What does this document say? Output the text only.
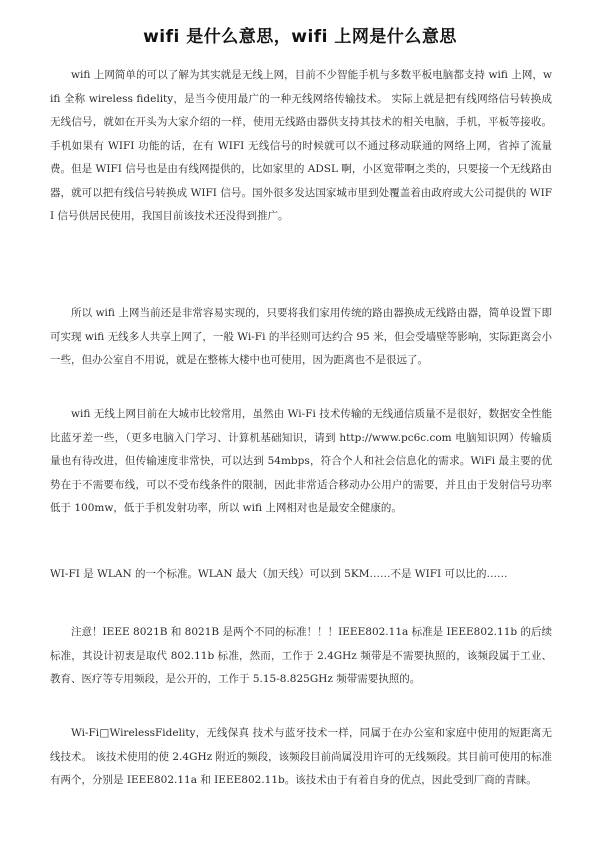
wifi 是什么意思，wifi 上网是什么意思

wifi 上网简单的可以了解为其实就是无线上网，目前不少智能手机与多数平板电脑都支持 wifi 上网，wifi 全称 wireless fidelity，是当今使用最广的一种无线网络传输技术。 实际上就是把有线网络信号转换成无线信号，就如在开头为大家介绍的一样，使用无线路由器供支持其技术的相关电脑，手机，平板等接收。手机如果有 WIFI 功能的话，在有 WIFI 无线信号的时候就可以不通过移动联通的网络上网，省掉了流量费。但是 WIFI 信号也是由有线网提供的，比如家里的 ADSL 啊，小区宽带啊之类的，只要接一个无线路由器，就可以把有线信号转换成 WIFI 信号。国外很多发达国家城市里到处覆盖着由政府或大公司提供的 WIFI 信号供居民使用，我国目前该技术还没得到推广。

所以 wifi 上网当前还是非常容易实现的，只要将我们家用传统的路由器换成无线路由器，简单设置下即可实现 wifi 无线多人共享上网了，一般 Wi-Fi 的半径则可达约合 95 米，但会受墙壁等影响，实际距离会小一些，但办公室自不用说，就是在整栋大楼中也可使用，因为距离也不是很远了。

wifi 无线上网目前在大城市比较常用，虽然由 Wi-Fi 技术传输的无线通信质量不是很好，数据安全性能比蓝牙差一些，（更多电脑入门学习、计算机基础知识，请到 http://www.pc6c.com 电脑知识网）传输质量也有待改进，但传输速度非常快，可以达到 54mbps，符合个人和社会信息化的需求。WiFi 最主要的优势在于不需要布线，可以不受布线条件的限制，因此非常适合移动办公用户的需要，并且由于发射信号功率低于 100mw，低于手机发射功率，所以 wifi 上网相对也是最安全健康的。

WI-FI 是 WLAN 的一个标准。WLAN 最大（加天线）可以到 5KM……不是 WIFI 可以比的……

注意！IEEE 8021B 和 8021B 是两个不同的标准！！！IEEE802.11a 标准是 IEEE802.11b 的后续标准，其设计初衷是取代 802.11b 标准，然而，工作于 2.4GHz 频带是不需要执照的，该频段属于工业、教育、医疗等专用频段，是公开的，工作于 5.15-8.825GHz 频带需要执照的。

Wi-Fi□WirelessFidelity，无线保真 技术与蓝牙技术一样，同属于在办公室和家庭中使用的短距离无线技术。 该技术使用的使 2.4GHz 附近的频段，该频段目前尚属没用许可的无线频段。其目前可使用的标准有两个，分别是 IEEE802.11a 和 IEEE802.11b。该技术由于有着自身的优点，因此受到厂商的青睐。
